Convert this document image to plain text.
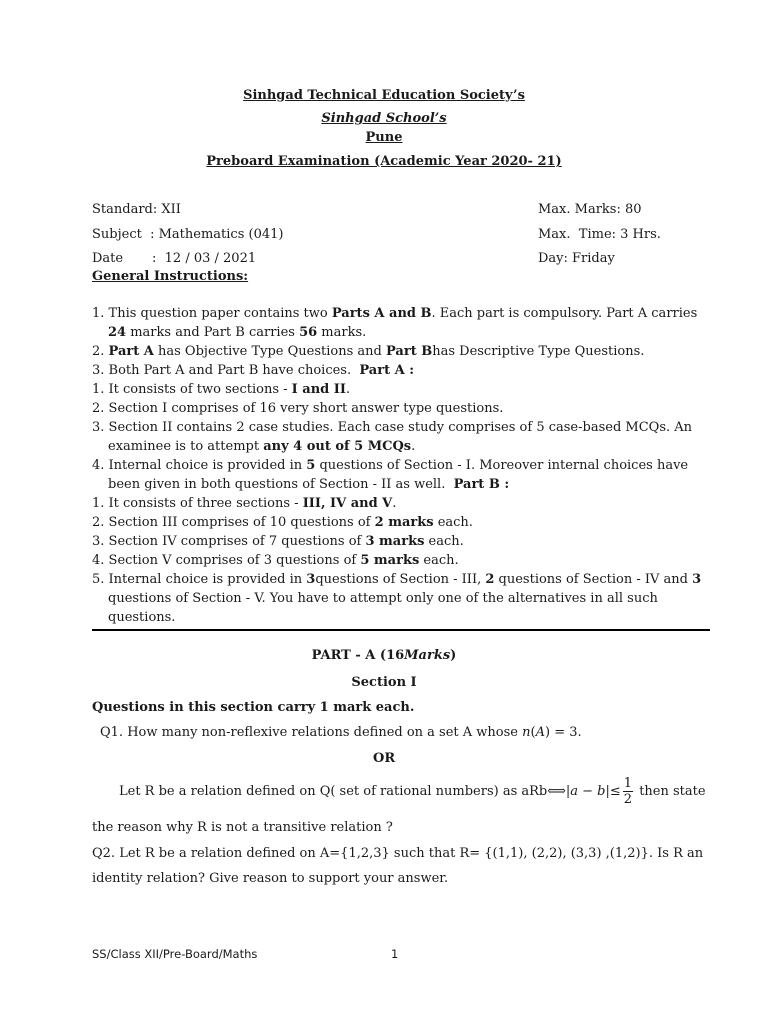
Sinhgad Technical Education Society’s
Sinhgad School’s
Pune
Preboard Examination (Academic Year 2020- 21)
Standard: XII	Max. Marks: 80
Subject  : Mathematics (041)	Max.  Time: 3 Hrs.
Date       :  12 / 03 / 2021	Day: Friday
General Instructions:
1. This question paper contains two Parts A and B. Each part is compulsory. Part A carries
24 marks and Part B carries 56 marks.
2. Part A has Objective Type Questions and Part Bhas Descriptive Type Questions.
3. Both Part A and Part B have choices.  Part A :
1. It consists of two sections - I and II.
2. Section I comprises of 16 very short answer type questions.
3. Section II contains 2 case studies. Each case study comprises of 5 case-based MCQs. An
examinee is to attempt any 4 out of 5 MCQs.
4. Internal choice is provided in 5 questions of Section - I. Moreover internal choices have
been given in both questions of Section - II as well.  Part B :
1. It consists of three sections - III, IV and V.
2. Section III comprises of 10 questions of 2 marks each.
3. Section IV comprises of 7 questions of 3 marks each.
4. Section V comprises of 3 questions of 5 marks each.
5. Internal choice is provided in 3questions of Section - III, 2 questions of Section - IV and 3
questions of Section - V. You have to attempt only one of the alternatives in all such
questions.
PART - A (16Marks)
Section I
Questions in this section carry 1 mark each.
Q1. How many non-reflexive relations defined on a set A whose n(A) = 3.
OR
Let R be a relation defined on Q( set of rational numbers) as aRb⟺|a − $b|\le \frac{1}{2}$ then state
the reason why R is not a transitive relation ?
Q2. Let R be a relation defined on A={1,2,3} such that R= {(1,1), (2,2), (3,3) ,(1,2)}. Is R an
identity relation? Give reason to support your answer.
SS/Class XII/Pre-Board/Maths	1
